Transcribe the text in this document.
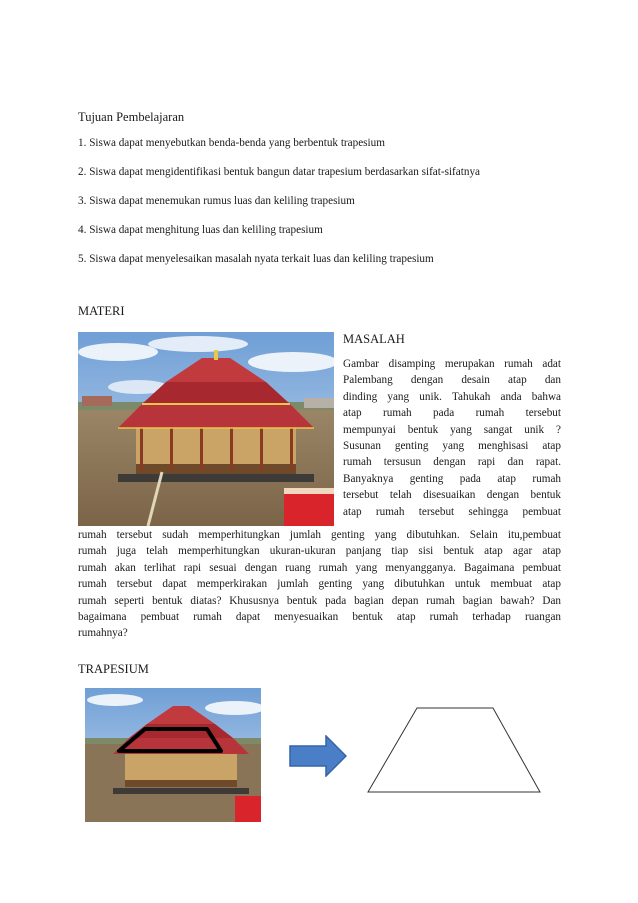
Tujuan Pembelajaran
1. Siswa dapat menyebutkan benda-benda yang berbentuk trapesium
2. Siswa dapat mengidentifikasi bentuk bangun datar trapesium berdasarkan sifat-sifatnya
3. Siswa dapat menemukan rumus luas dan keliling trapesium
4. Siswa dapat menghitung luas dan keliling trapesium
5. Siswa dapat menyelesaikan masalah nyata terkait luas dan keliling trapesium
MATERI
MASALAH
Gambar disamping merupakan rumah adat
Palembang dengan desain atap dan
dinding yang unik. Tahukah anda bahwa
atap rumah pada rumah tersebut
mempunyai bentuk yang sangat unik ?
Susunan genting yang menghisasi atap
rumah tersusun dengan rapi dan rapat.
Banyaknya genting pada atap rumah
tersebut telah disesuaikan dengan bentuk
atap rumah tersebut sehingga pembuat
rumah tersebut sudah memperhitungkan jumlah genting yang dibutuhkan. Selain itu,pembuat
rumah juga telah memperhitungkan ukuran-ukuran panjang tiap sisi bentuk atap agar atap
rumah akan terlihat rapi sesuai dengan ruang rumah yang menyangganya. Bagaimana pembuat
rumah tersebut dapat memperkirakan jumlah genting yang dibutuhkan untuk membuat atap
rumah seperti bentuk diatas? Khususnya bentuk pada bagian depan rumah bagian bawah? Dan
bagaimana pembuat rumah dapat menyesuaikan bentuk atap rumah terhadap ruangan
rumahnya?
TRAPESIUM
